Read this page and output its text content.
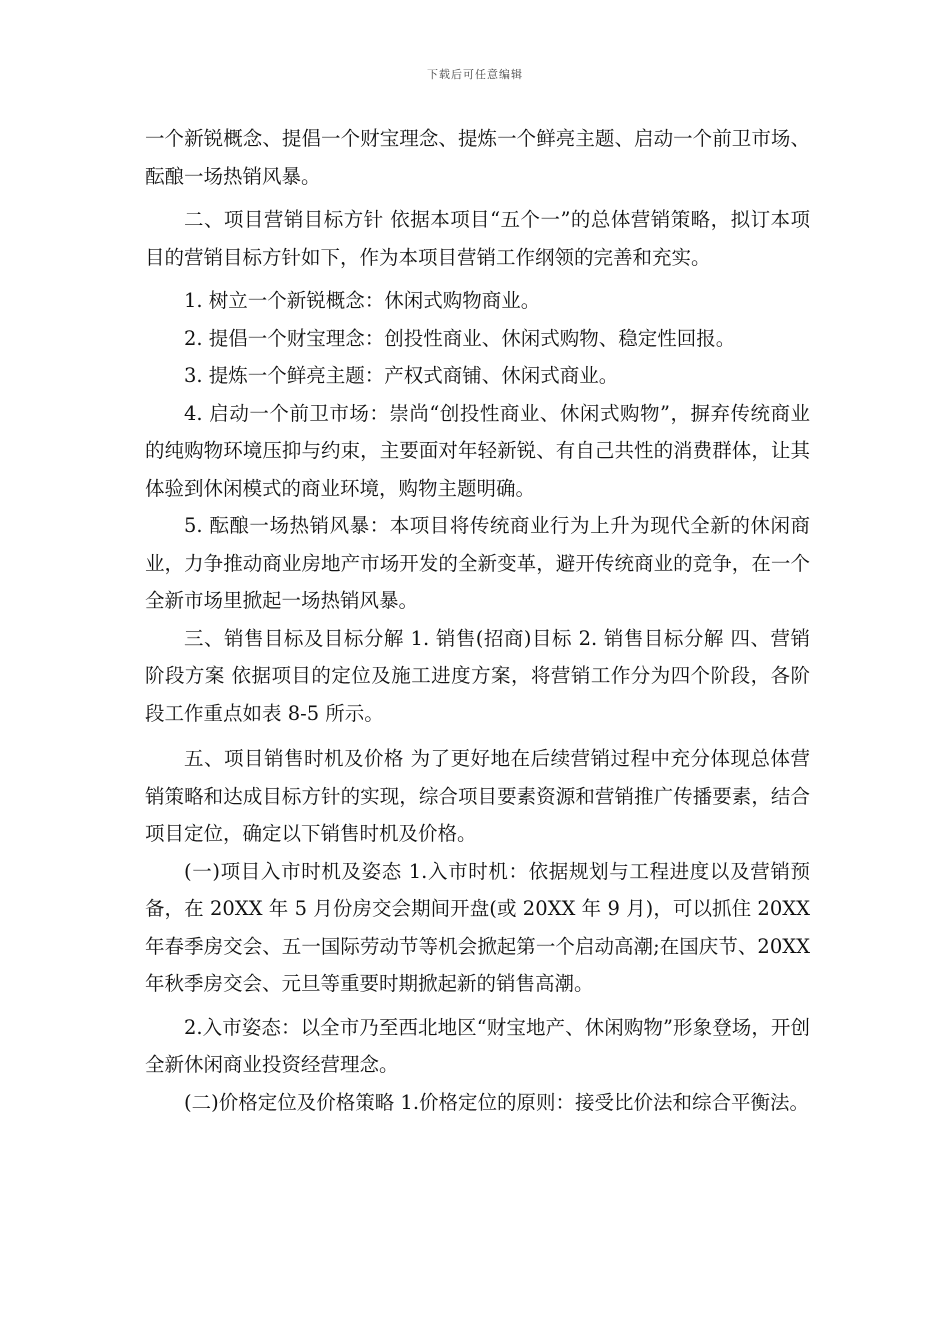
下载后可任意编辑

一个新锐概念、提倡一个财宝理念、提炼一个鲜亮主题、启动一个前卫市场、酝酿一场热销风暴。

二、项目营销目标方针 依据本项目“五个一”的总体营销策略，拟订本项目的营销目标方针如下，作为本项目营销工作纲领的完善和充实。

1. 树立一个新锐概念：休闲式购物商业。

2. 提倡一个财宝理念：创投性商业、休闲式购物、稳定性回报。

3. 提炼一个鲜亮主题：产权式商铺、休闲式商业。

4. 启动一个前卫市场：崇尚“创投性商业、休闲式购物”，摒弃传统商业的纯购物环境压抑与约束，主要面对年轻新锐、有自己共性的消费群体，让其体验到休闲模式的商业环境，购物主题明确。

5. 酝酿一场热销风暴：本项目将传统商业行为上升为现代全新的休闲商业，力争推动商业房地产市场开发的全新变革，避开传统商业的竞争，在一个全新市场里掀起一场热销风暴。

三、销售目标及目标分解 1. 销售(招商)目标 2. 销售目标分解 四、营销阶段方案 依据项目的定位及施工进度方案，将营销工作分为四个阶段，各阶段工作重点如表 8-5 所示。

五、项目销售时机及价格 为了更好地在后续营销过程中充分体现总体营销策略和达成目标方针的实现，综合项目要素资源和营销推广传播要素，结合项目定位，确定以下销售时机及价格。

(一)项目入市时机及姿态 1.入市时机：依据规划与工程进度以及营销预备，在 20XX 年 5 月份房交会期间开盘(或 20XX 年 9 月)，可以抓住 20XX 年春季房交会、五一国际劳动节等机会掀起第一个启动高潮;在国庆节、20XX 年秋季房交会、元旦等重要时期掀起新的销售高潮。

2.入市姿态：以全市乃至西北地区“财宝地产、休闲购物”形象登场，开创全新休闲商业投资经营理念。

(二)价格定位及价格策略 1.价格定位的原则：接受比价法和综合平衡法。
